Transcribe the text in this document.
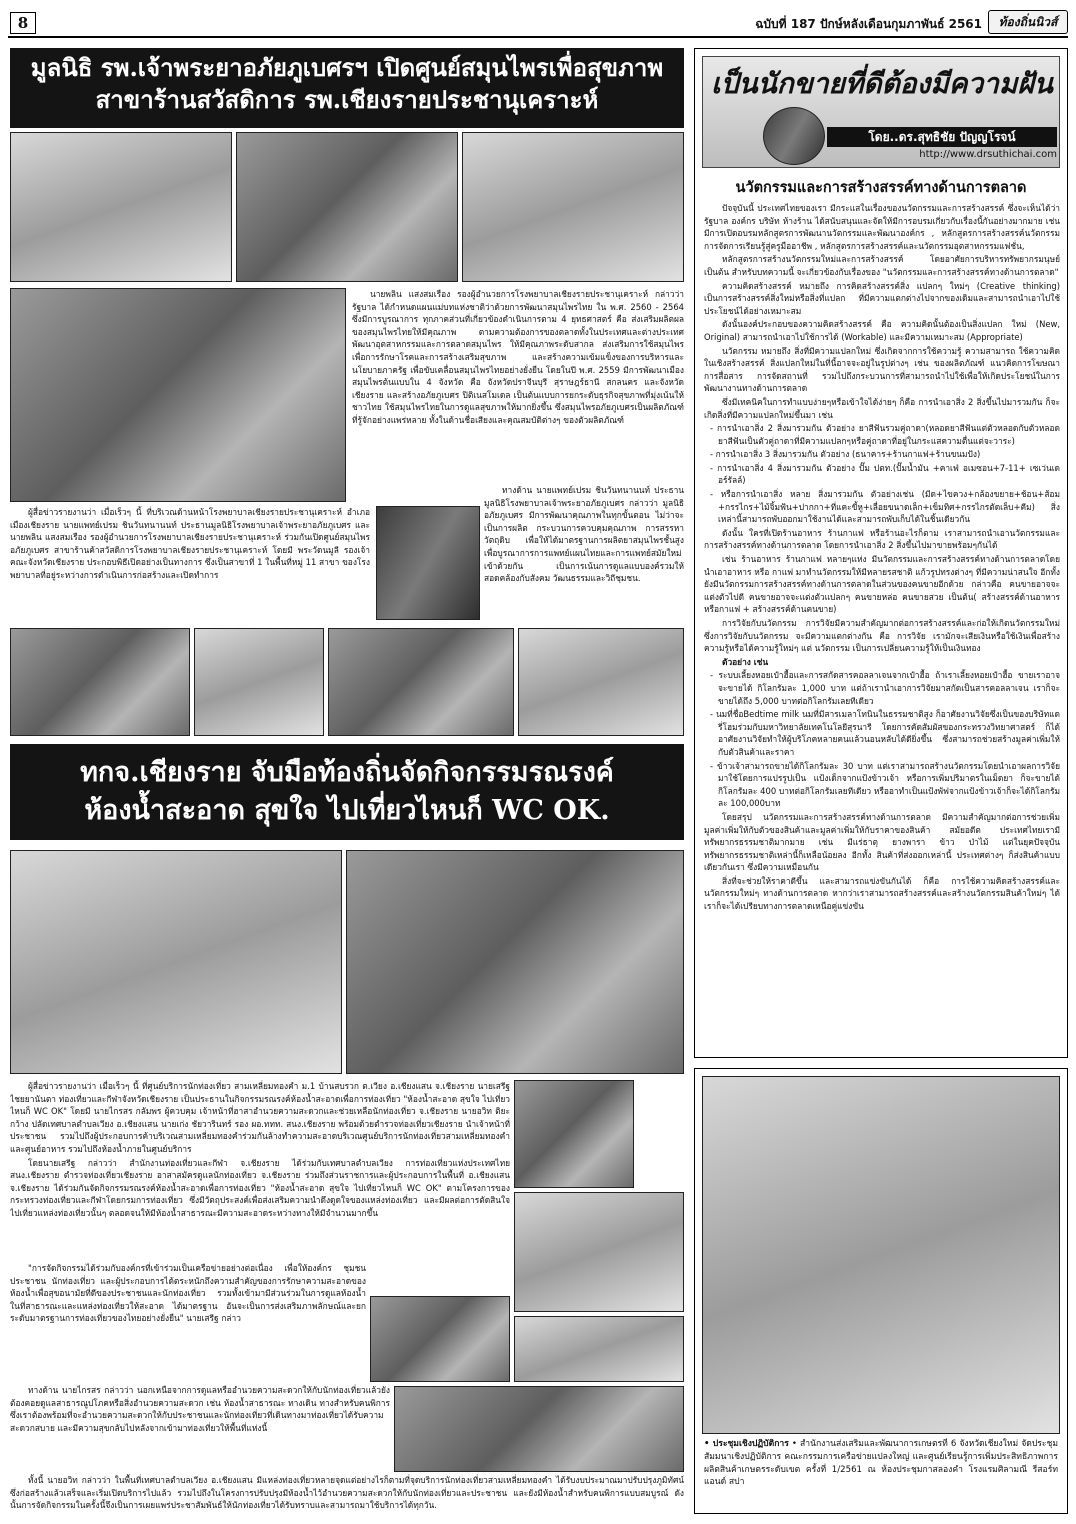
8	ฉบับที่ 187 ปักษ์หลังเดือนกุมภาพันธ์ 2561	ท้องถิ่นนิวส์
มูลนิธิ รพ.เจ้าพระยาอภัยภูเบศรฯ เปิดศูนย์สมุนไพรเพื่อสุขภาพ
สาขาร้านสวัสดิการ รพ.เชียงรายประชานุเคราะห์

นายพลิน แสงสมเรือง รองผู้อำนวยการโรงพยาบาลเชียงรายประชานุเคราะห์ กล่าวว่า รัฐบาล ได้กำหนดแผนแม่บทแห่งชาติว่าด้วยการพัฒนาสมุนไพรไทย ใน พ.ศ. 2560 - 2564 ซึ่งมีการบูรณาการ ทุกภาคส่วนที่เกี่ยวข้องดำเนินการตาม 4 ยุทธศาสตร์ คือ ส่งเสริมผลิตผลของสมุนไพรไทยให้มีคุณภาพ ตามความต้องการของตลาดทั้งในประเทศและต่างประเทศ พัฒนาอุตสาหกรรมและการตลาดสมุนไพร ให้มีคุณภาพระดับสากล ส่งเสริมการใช้สมุนไพรเพื่อการรักษาโรคและการสร้างเสริมสุขภาพ และสร้างความเข้มแข็งของการบริหารและนโยบายภาครัฐ เพื่อขับเคลื่อนสมุนไพรไทยอย่างยั่งยืน โดยในปี พ.ศ. 2559 มีการพัฒนาเมืองสมุนไพรต้นแบบใน 4 จังหวัด คือ จังหวัดปราจีนบุรี สุราษฎร์ธานี สกลนคร และจังหวัดเชียงราย และสร้างอภัยภูเบศร ปิติเนสโมเดล เป็นต้นแบบการยกระดับธุรกิจสุขภาพที่มุ่งเน้นให้ชาวไทย ใช้สมุนไพรไทยในการดูแลสุขภาพให้มากยิ่งขึ้น ซึ่งสมุนไพรอภัยภูเบศรเป็นผลิตภัณฑ์ที่รู้จักอย่างแพร่หลาย ทั้งในด้านชื่อเสียงและคุณสมบัติต่างๆ ของตัวผลิตภัณฑ์

ผู้สื่อข่าวรายงานว่า เมื่อเร็วๆ นี้ ที่บริเวณด้านหน้าโรงพยาบาลเชียงรายประชานุเคราะห์ อำเภอเมืองเชียงราย นายแพทย์เปรม ชินวันทนานนท์ ประธานมูลนิธิโรงพยาบาลเจ้าพระยาอภัยภูเบศร และนายพลิน แสงสมเรือง รองผู้อำนวยการโรงพยาบาลเชียงรายประชานุเคราะห์ ร่วมกันเปิดศูนย์สมุนไพรอภัยภูเบศร สาขาร้านค้าสวัสดิการโรงพยาบาลเชียงรายประชานุเคราะห์ โดยมี พระวัดนมูลี รองเจ้าคณะจังหวัดเชียงราย ประกอบพิธีเปิดอย่างเป็นทางการ ซึ่งเป็นสาขาที่ 1 ในพื้นที่หมู่ 11 สาขา ของโรงพยาบาลที่อยู่ระหว่างการดำเนินการก่อสร้างและเปิดทำการ

ทางด้าน นายแพทย์เปรม ชินวันทนานนท์ ประธานมูลนิธิโรงพยาบาลเจ้าพระยาอภัยภูเบศร กล่าวว่า มูลนิธิอภัยภูเบศร มีการพัฒนาคุณภาพในทุกขั้นตอน ไม่ว่าจะเป็นการผลิต กระบวนการควบคุมคุณภาพ การสรรหาวัตถุดิบ เพื่อให้ได้มาตรฐานการผลิตยาสมุนไพรชั้นสูง เพื่อบูรณาการการแพทย์แผนไทยและการแพทย์สมัยใหม่เข้าด้วยกัน เป็นการเน้นการดูแลแบบองค์รวมให้สอดคล้องกับสังคม วัฒนธรรมและวิถีชุมชน.

ทกจ.เชียงราย จับมือท้องถิ่นจัดกิจกรรมรณรงค์
ห้องน้ำสะอาด สุขใจ ไปเที่ยวไหนก็ WC OK.

ผู้สื่อข่าวรายงานว่า เมื่อเร็วๆ นี้ ที่ศูนย์บริการนักท่องเที่ยว สามเหลี่ยมทองคำ ม.1 บ้านสบรวก ต.เวียง อ.เชียงแสน จ.เชียงราย นายเสรีฐ ไชยยานันตา ท่องเที่ยวและกีฬาจังหวัดเชียงราย เป็นประธานในกิจกรรมรณรงค์ห้องน้ำสะอาดเพื่อการท่องเที่ยว "ห้องน้ำสะอาด สุขใจ ไปเที่ยวไหนก็ WC OK" โดยมี นายไกรสร กลัมพร ผู้ควบคุม เจ้าหน้าที่ฮาสาอำนวยความสะดวกและช่วยเหลือนักท่องเที่ยว จ.เชียงราย นายอวิท ติยะกว้าง ปลัดเทศบาลตำบลเวียง อ.เชียงแสน นายเก่ง ชัยวารินทร์ รอง ผอ.ททท. สนง.เชียงราย พร้อมด้วยตำรวจท่องเที่ยวเชียงราย นำเจ้าหน้าที่ ประชาชน รวมไปถึงผู้ประกอบการค้าบริเวณสามเหลี่ยมทองคำร่วมกันล้างทำความสะอาดบริเวณศูนย์บริการนักท่องเที่ยวสามเหลี่ยมทองคำและศูนย์อาหาร รวมไปถึงห้องน้ำภายในศูนย์บริการ

โดยนายเสรีฐ กล่าวว่า สำนักงานท่องเที่ยวและกีฬา จ.เชียงราย ได้ร่วมกับเทศบาลตำบลเวียง การท่องเที่ยวแห่งประเทศไทย สนง.เชียงราย ตำรวจท่องเที่ยวเชียงราย อาสาสมัครดูแลนักท่องเที่ยว จ.เชียงราย ร่วมถึงส่วนราชการและผู้ประกอบการในพื้นที่ อ.เชียงแสน จ.เชียงราย ได้ร่วมกันจัดกิจกรรมรณรงค์ห้องน้ำสะอาดเพื่อการท่องเที่ยว "ห้องน้ำสะอาด สุขใจ ไปเที่ยวไหนก็ WC OK" ตามโครงการของกระทรวงท่องเที่ยวและกีฬาโดยกรมการท่องเที่ยว ซึ่งมีวัตถุประสงค์เพื่อส่งเสริมความนำดึงดูดใจของแหล่งท่องเที่ยว และมีผลต่อการตัดสินใจไปเที่ยวแหล่งท่องเที่ยวนั้นๆ ตลอดจนให้มีห้องน้ำสาธารณะมีความสะอาดระหว่างทางให้มีจำนวนมากขึ้น

"การจัดกิจกรรมได้ร่วมกับองค์กรที่เข้าร่วมเป็นเครือข่ายอย่างต่อเนื่อง เพื่อให้องค์กร ชุมชน ประชาชน นักท่องเที่ยว และผู้ประกอบการได้ตระหนักถึงความสำคัญของการรักษาความสะอาดของห้องน้ำเพื่อสุขอนามัยที่ดีของประชาชนและนักท่องเที่ยว รวมทั้งเข้ามามีส่วนร่วมในการดูแลห้องน้ำในที่สาธารณะและแหล่งท่องเที่ยวให้สะอาด ได้มาตรฐาน อันจะเป็นการส่งเสริมภาพลักษณ์และยกระดับมาตรฐานการท่องเที่ยวของไทยอย่างยั่งยืน" นายเสรีฐ กล่าว

ทางด้าน นายไกรสร กล่าวว่า นอกเหนือจากการดูแลหรืออำนวยความสะดวกให้กับนักท่องเที่ยวแล้วยังต้องคอยดูแลสาธารณูปโภคหรือสิ่งอำนวยความสะดวก เช่น ห้องน้ำสาธารณะ ทางเดิน ทางสำหรับคนพิการ ซึ่งเราต้องพร้อมที่จะอำนวยความสะดวกให้กับประชาชนและนักท่องเที่ยวที่เดินทางมาท่องเที่ยวได้รับความสะดวกสบาย และมีความสุขกลับไปหลังจากเข้ามาท่องเที่ยวให้พื้นที่แห่งนี้

ทั้งนี้ นายอวิท กล่าวว่า ในพื้นที่เทศบาลตำบลเวียง อ.เชียงแสน มีแหล่งท่องเที่ยวหลายจุดแต่อย่างไรก็ตามที่จุดบริการนักท่องเที่ยวสามเหลี่ยมทองคำ ได้รับงบประมาณมาปรับปรุงภูมิทัศน์ ซึ่งก่อสร้างแล้วเสร็จและเริ่มเปิดบริการไปแล้ว รวมไปถึงในโครงการปรับปรุงมีห้องน้ำไว้อำนวยความสะดวกให้กับนักท่องเที่ยวและประชาชน และยังมีห้องน้ำสำหรับคนพิการแบบสมบูรณ์ ดังนั้นการจัดกิจกรรมในครั้งนี้จึงเป็นการเผยแพร่ประชาสัมพันธ์ให้นักท่องเที่ยวได้รับทราบและสามารถมาใช้บริการได้ทุกวัน.

เป็นนักขายที่ดีต้องมีความฝัน
โดย..ดร.สุทธิชัย ปัญญโรจน์
http://www.drsuthichai.com
นวัตกรรมและการสร้างสรรค์ทางด้านการตลาด

ปัจจุบันนี้ ประเทศไทยของเรา มีกระแสในเรื่องของนวัตกรรมและการสร้างสรรค์ ซึ่งจะเห็นได้ว่ารัฐบาล องค์กร บริษัท ห้างร้าน ได้สนับสนุนและจัดให้มีการอบรมเกี่ยวกับเรื่องนี้กันอย่างมากมาย เช่น มีการเปิดอบรมหลักสูตรการพัฒนานวัตกรรมและพัฒนาองค์กร , หลักสูตรการสร้างสรรค์นวัตกรรมการจัดการเรียนรู้สู่ครูมืออาชีพ , หลักสูตรการสร้างสรรค์และนวัตกรรมอุตสาหกรรมแฟชั่น,

หลักสูตรการสร้างนวัตกรรมใหม่และการสร้างสรรค์ โดยอาศัยการบริหารทรัพยากรมนุษย์ เป็นต้น สำหรับบทความนี้ จะเกี่ยวข้องกับเรื่องของ "นวัตกรรมและการสร้างสรรค์ทางด้านการตลาด"

ความคิดสร้างสรรค์ หมายถึง การคิดสร้างสรรค์สิ่ง แปลกๆ ใหม่ๆ (Creative thinking) เป็นการสร้างสรรค์สิ่งใหม่หรือสิ่งที่แปลก ที่มีความแตกต่างไปจากของเดิมและสามารถนำเอาไปใช้ประโยชน์ได้อย่างเหมาะสม

ดังนั้นองค์ประกอบของความคิดสร้างสรรค์ คือ ความคิดนั้นต้องเป็นสิ่งแปลก ใหม่ (New, Original) สามารถนำเอาไปใช้การได้ (Workable) และมีความเหมาะสม (Appropriate)

นวัตกรรม หมายถึง สิ่งที่มีความแปลกใหม่ ซึ่งเกิดจากการใช้ความรู้ ความสามารถ ใช้ความคิดในเชิงสร้างสรรค์ สิ่งแปลกใหม่ในที่นี้อาจจะอยู่ในรูปต่างๆ เช่น ของผลิตภัณฑ์ แนวคิดการโฆษณา การสื่อสาร การจัดสถานที่ รวมไปถึงกระบวนการที่สามารถนำไปใช้เพื่อให้เกิดประโยชน์ในการพัฒนางานทางด้านการตลาด

ซึ่งมีเทคนิคในการทำแบบง่ายๆหรือเข้าใจได้ง่ายๆ ก็คือ การนำเอาสิ่ง 2 สิ่งขึ้นไปมารวมกัน ก็จะเกิดสิ่งที่มีความแปลกใหม่ขึ้นมา เช่น

- การนำเอาสิ่ง 2 สิ่งมารวมกัน ตัวอย่าง ยาสีฟันรวมคู่ถาดา(หลอดยาสีฟันแต่ตัวหลอดกับตัวหลอดยาสีฟันเป็นตัวคู่ถาดาที่มีความแปลกๆหรือคู่ถาดาที่อยู่ในกระแสความตื่นแต่จะวาระ)

- การนำเอาสิ่ง 3 สิ่งมารวมกัน ตัวอย่าง (ธนาคาร+ร้านกาแฟ+ร้านขนมปัง)

- การนำเอาสิ่ง 4 สิ่งมารวมกัน ตัวอย่าง ปั๊ม ปตท.(ปั๊มน้ำมัน +คาเฟ่ อเมซอน+7-11+ เซเว่นเดอร์รัลล์)

- หรือการนำเอาสิ่ง หลาย สิ่งมารวมกัน ตัวอย่างเช่น (มีด+ไขควง+กล้องขยาย+ช้อน+ส้อม +กรรไกร+ไม้จิ้มฟัน+ปากกา+ที่แคะขี้หู+เลื่อยขนาดเล็ก+เข็มทิศ+กรรไกรตัดเล็บ+คีม) สิ่งเหล่านี้สามารถพับออกมาใช้งานได้และสามารถพับเก็บได้ในชิ้นเดียวกัน

ดังนั้น ใครที่เปิดร้านอาหาร ร้านกาแฟ หรือร้านอะไรก็ตาม เราสามารถนำเอานวัตกรรมและการสร้างสรรค์ทางด้านการตลาด โดยการนำเอาสิ่ง 2 สิ่งขึ้นไปมาขายพร้อมๆกันได้

เช่น ร้านอาหาร ร้านกาแฟ หลายๆแห่ง มีนวัตกรรมและการสร้างสรรค์ทางด้านการตลาดโดยนำเอาอาหาร หรือ กาแฟ มาทำนวัตกรรมให้มีหลายรสชาติ แก้วรูปทรงต่างๆ ที่มีความน่าสนใจ อีกทั้งยังมีนวัตกรรมการสร้างสรรค์ทางด้านการตลาดในส่วนของคนขายอีกด้วย กล่าวคือ คนขายอาจจะแต่งตัวไปดี คนขายอาจจะแต่งตัวแปลกๆ คนขายหล่อ คนขายสวย เป็นต้น( สร้างสรรค์ด้านอาหาร หรือกาแฟ + สร้างสรรค์ด้านคนขาย)

การวิจัยกับนวัตกรรม การวิจัยมีความสำคัญมากต่อการสร้างสรรค์และก่อให้เกิดนวัตกรรมใหม่ ซึ่งการวิจัยกับนวัตกรรม จะมีความแตกต่างกัน คือ การวิจัย เรามักจะเสียเงินหรือใช้เงินเพื่อสร้างความรู้หรือได้ความรู้ใหม่ๆ แต่ นวัตกรรม เป็นการเปลี่ยนความรู้ให้เป็นเงินทอง

ตัวอย่าง เช่น

- ระบบเลี้ยงหอยเป๋าฮื้อและการสกัดสารคอลลาเจนจากเป๋าฮื้อ ถ้าเราเลี้ยงหอยเป๋าฮื้อ ขายเราอาจจะขายได้ กิโลกรัมละ 1,000 บาท แต่ถ้าเรานำเอาการวิจัยมาสกัดเป็นสารคอลลาเจน เราก็จะขายได้ถึง 5,000 บาทต่อกิโลกรัมเลยทีเดียว

- นมที่ชื่อBedtime milk นมที่มีสารเมลาโทนินในธรรมชาติสูง ก็อาศัยงานวิจัยซึ่งเป็นของบริษัทแดรี่โฮมร่วมกับมหาวิทยาลัยเทคโนโลยีสุรนารี โดยการคัดสัมผัสของกระทรวงวิทยาศาสตร์ ก็ได้อาศัยงานวิจัยทำให้ผู้บริโภคหลายคนแล้วนอนหลับได้ดียิ่งขึ้น ซึ่งสามารถช่วยสร้างมูลค่าเพิ่มให้กับตัวสินค้าและราคา

- ข้าวเจ้าสามารถขายได้กิโลกรัมละ 30 บาท แต่เราสามารถสร้างนวัตกรรมโดยนำเอาผลการวิจัยมาใช้โดยการแปรรูปเป็น แป้งเด็กจากแป้งข้าวเจ้า หรือการเพิ่มปริมาตรในเม็ดยา ก็จะขายได้กิโลกรัมละ 400 บาทต่อกิโลกรัมเลยทีเดียว หรืออาทำเป็นแป้งพัฟจากแป้งข้าวเจ้าก็จะได้กิโลกรัมละ 100,000บาท

โดยสรุป นวัตกรรมและการสร้างสรรค์ทางด้านการตลาด มีความสำคัญมากต่อการช่วยเพิ่มมูลค่าเพิ่มให้กับตัวของสินค้าและมูลค่าเพิ่มให้กับราคาของสินค้า สมัยอดีต ประเทศไทยเรามีทรัพยากรธรรมชาติมากมาย เช่น มีแร่ธาตุ ยางพารา ข้าว ป่าไม้ แต่ในยุคปัจจุบัน ทรัพยากรธรรมชาติเหล่านี้ก็เหลือน้อยลง อีกทั้ง สินค้าที่ส่งออกเหล่านี้ ประเทศต่างๆ ก็ส่งสินค้าแบบเดียวกันเรา ซึ่งมีความเหมือนกัน

สิ่งที่จะช่วยให้ราคาดีขึ้น และสามารถแข่งขันกันได้ ก็คือ การใช้ความคิดสร้างสรรค์และนวัตกรรมใหม่ๆ ทางด้านการตลาด หากว่าเราสามารถสร้างสรรค์และสร้างนวัตกรรมสินค้าใหม่ๆ ได้ เราก็จะได้เปรียบทางการตลาดเหนือคู่แข่งขัน

• ประชุมเชิงปฏิบัติการ • สำนักงานส่งเสริมและพัฒนาการเกษตรที่ 6 จังหวัดเชียงใหม่ จัดประชุมสัมมนาเชิงปฏิบัติการ คณะกรรมการเครือข่ายแปลงใหญ่ และศูนย์เรียนรู้การเพิ่มประสิทธิภาพการผลิตสินค้าเกษตรระดับเขต ครั้งที่ 1/2561 ณ ห้องประชุมกาสลองคำ โรงแรมศิลามณี รีสอร์ท แอนด์ สปา
